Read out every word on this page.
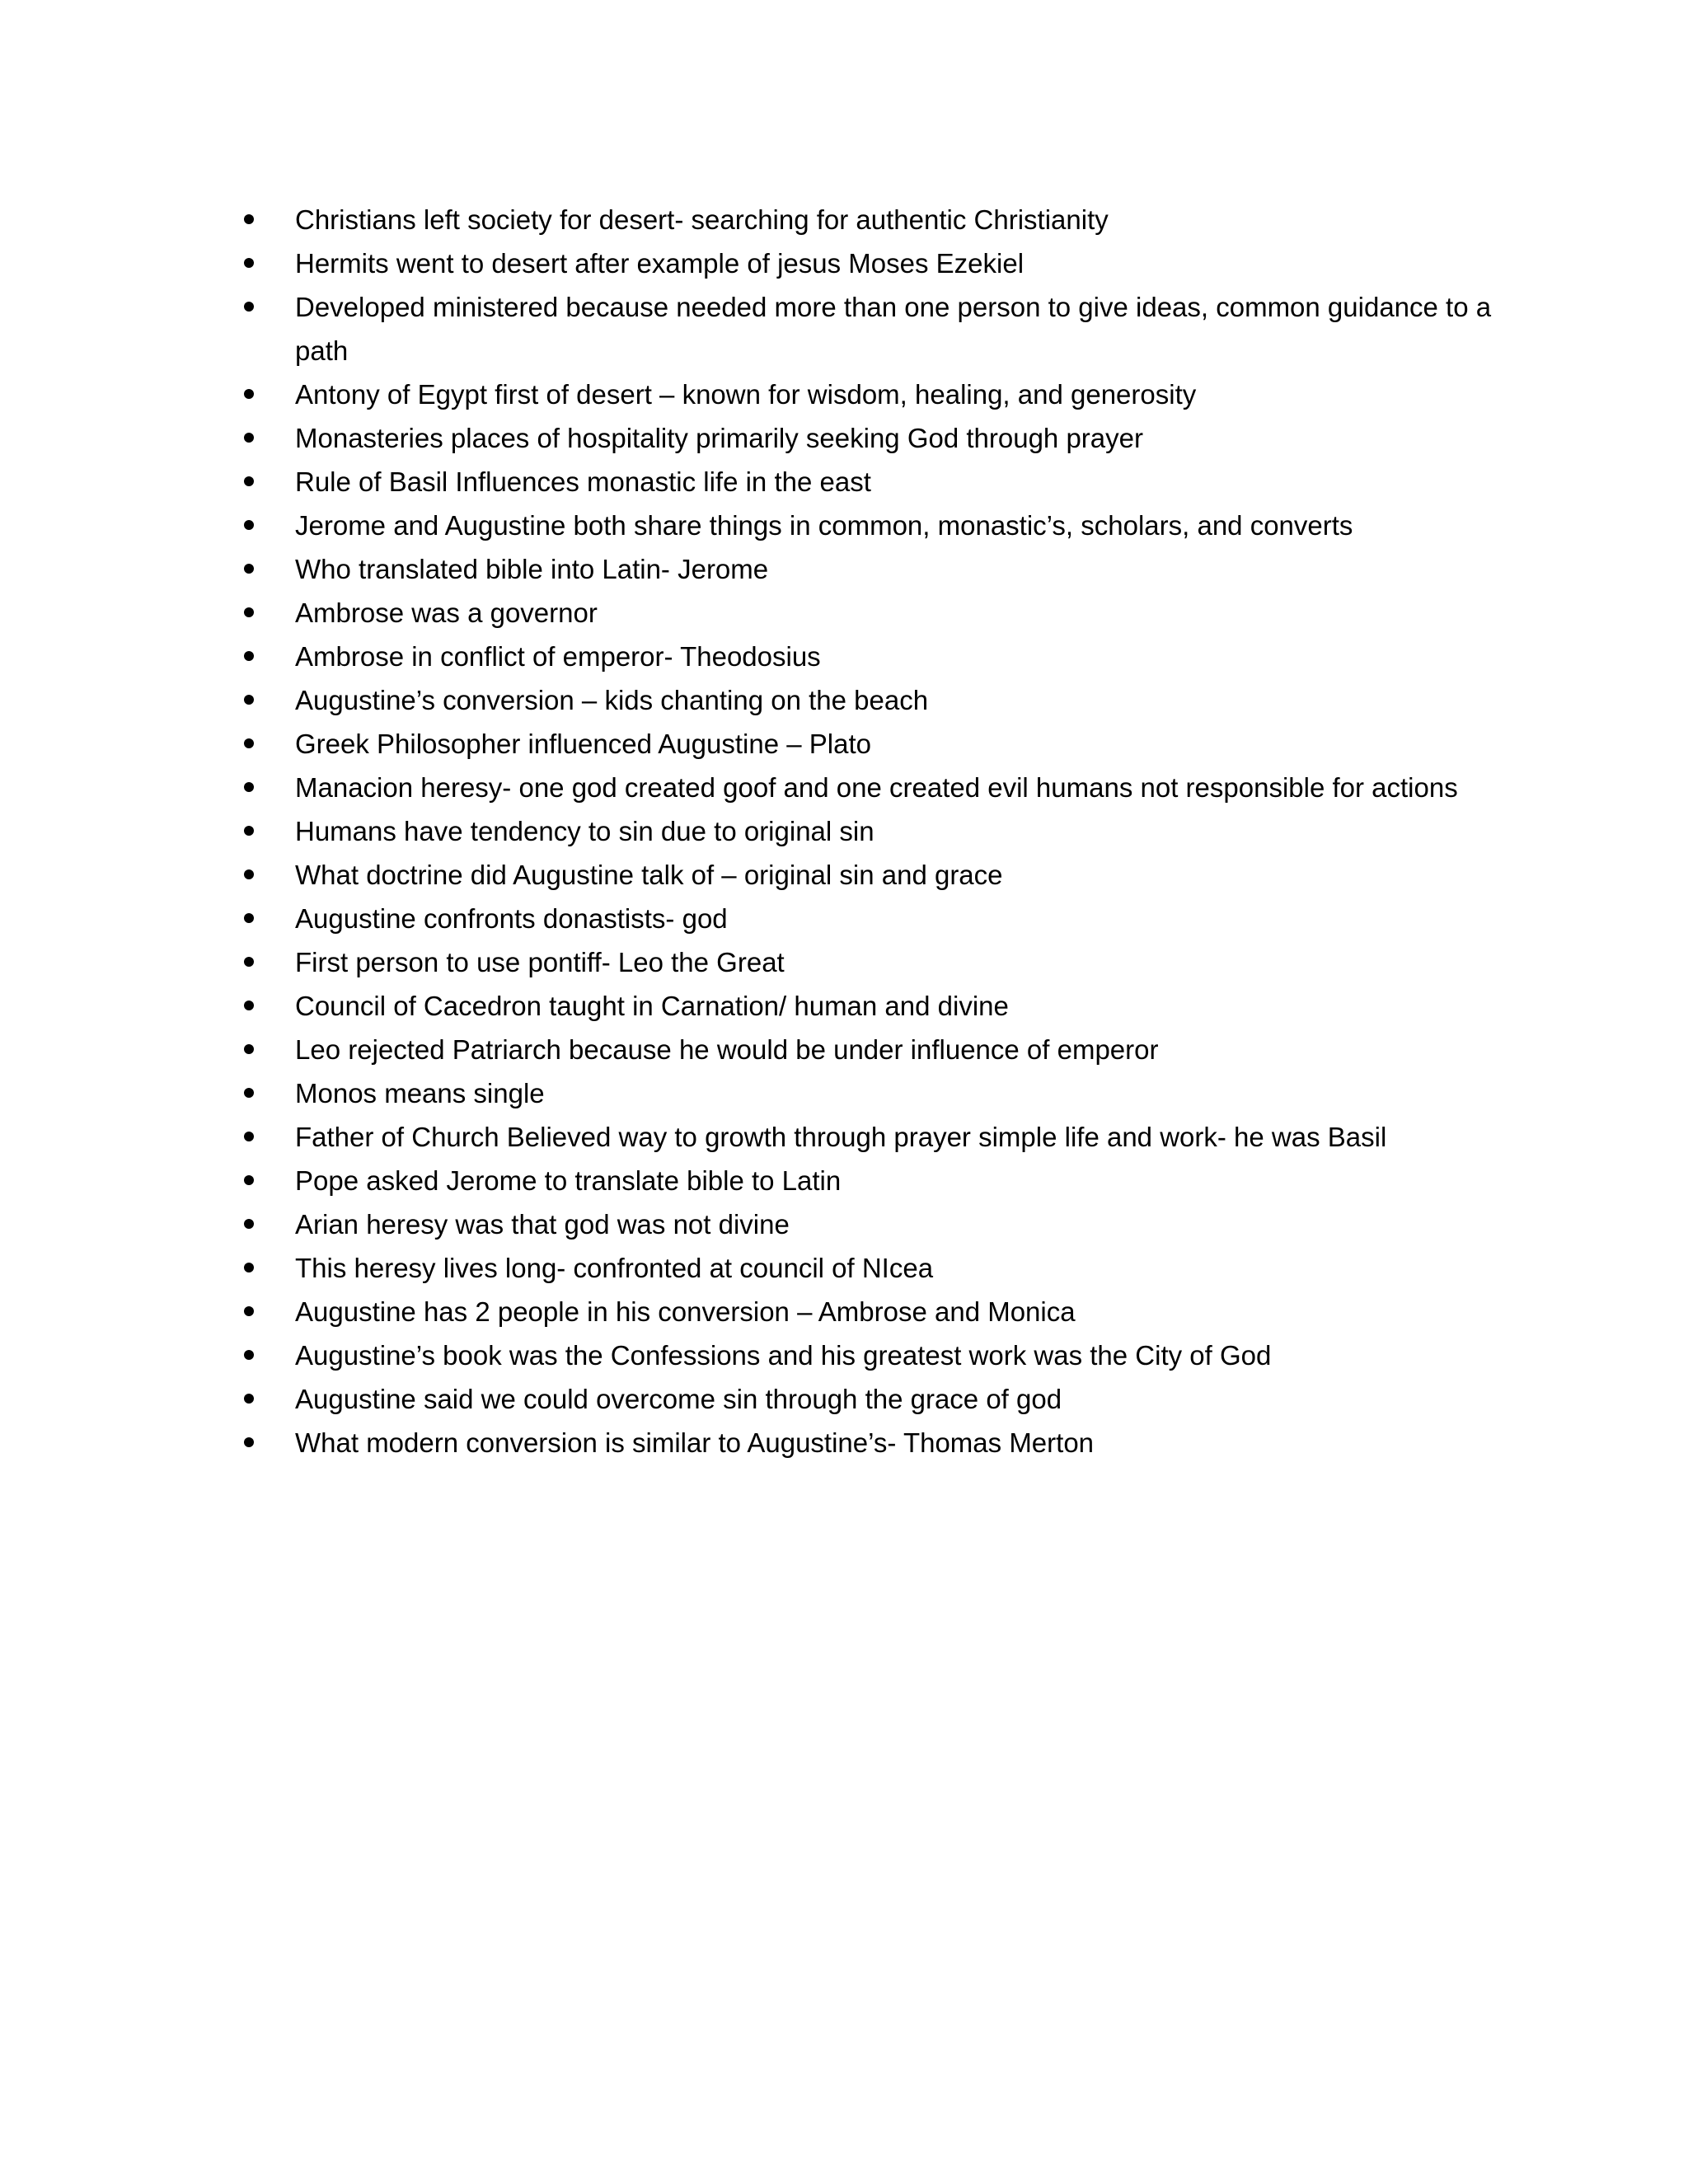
Christians left society for desert- searching for authentic Christianity
Hermits went to desert after example of jesus Moses Ezekiel
Developed ministered because needed more than one person to give ideas, common guidance to a path
Antony of Egypt first of desert – known for wisdom, healing, and generosity
Monasteries places of hospitality primarily seeking God through prayer
Rule of Basil Influences monastic life in the east
Jerome and Augustine both share things in common, monastic’s, scholars, and converts
Who translated bible into Latin- Jerome
Ambrose was a governor
Ambrose in conflict of emperor- Theodosius
Augustine’s conversion – kids chanting on the beach
Greek Philosopher influenced Augustine – Plato
Manacion heresy- one god created goof and one created evil humans not responsible for actions
Humans have tendency to sin due to original sin
What doctrine did Augustine talk of – original sin and grace
Augustine confronts donastists- god
First person to use pontiff- Leo the Great
Council of Cacedron taught in Carnation/ human and divine
Leo rejected Patriarch because he would be under influence of emperor
Monos means single
Father of Church Believed way to growth through prayer simple life and work- he was Basil
Pope asked Jerome to translate bible to Latin
Arian heresy was that god was not divine
This heresy lives long- confronted at council of NIcea
Augustine has 2 people in his conversion – Ambrose and Monica
Augustine’s book was the Confessions and his greatest work was the City of God
Augustine said we could overcome sin through the grace of god
What modern conversion is similar to Augustine’s- Thomas Merton
